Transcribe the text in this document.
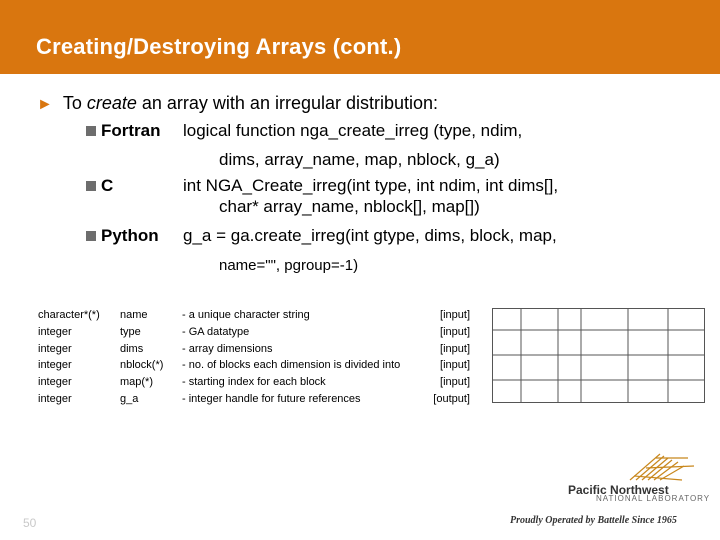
Creating/Destroying Arrays (cont.)
► To create an array with an irregular distribution:
Fortran logical function nga_create_irreg (type, ndim,
dims, array_name, map, nblock, g_a)
C	int NGA_Create_irreg(int type, int ndim, int dims[],
char* array_name, nblock[], map[])
Python g_a = ga.create_irreg(int gtype, dims, block, map,
name="", pgroup=-1)
character*(*)
integer
integer
integer
integer
integer
name
type
dims
nblock(*)
map(*)
g_a
- a unique character string
- GA datatype
- array dimensions
- no. of blocks each dimension is divided into
- starting index for each block
- integer handle for future references
[input]
[input]
[input]
[input]
[input]
[output]
50
Pacific Northwest
NATIONAL LABORATORY
Proudly Operated by Battelle Since 1965
